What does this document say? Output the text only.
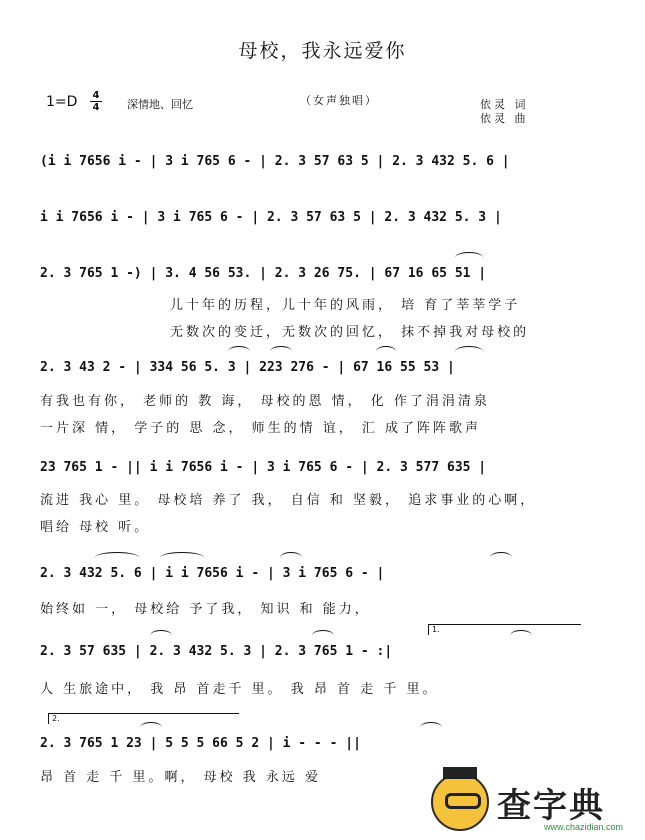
母校，我永远爱你
1=D 4
4	深情地、回忆	（女声独唱）	依灵 词
依灵 曲
(i i 7656 i - | 3 i 765 6 - | 2. 3 57 63 5 | 2. 3 432 5. 6 |
i i 7656 i - | 3 i 765 6 - | 2. 3 57 63 5 | 2. 3 432 5. 3 |
2. 3 765 1 -) | 3. 4 56 53. | 2. 3 26 75. | 67 16 65 51 |
儿十年的历程，儿十年的风雨， 培 育了莘莘学子
无数次的变迁，无数次的回忆， 抹不掉我对母校的
2. 3 43 2 - | 334 56 5. 3 | 223 276 - | 67 16 55 53 |
有我也有你， 老师的 教 诲， 母校的恩 情， 化 作了涓涓清泉
一片深 情， 学子的 思 念， 师生的情 谊， 汇 成了阵阵歌声
23 765 1 - || i i 7656 i - | 3 i 765 6 - | 2. 3 577 635 |
流进 我心 里。 母校培 养了 我， 自信 和 坚毅， 追求事业的心啊，
唱给 母校 听。
2. 3 432 5. 6 | i i 7656 i - | 3 i 765 6 - |
始终如 一， 母校给 予了我， 知识 和 能力，
1.
2. 3 57 635 | 2. 3 432 5. 3 | 2. 3 765 1 - :|
人 生旅途中， 我 昂 首走千 里。 我 昂 首 走 千 里。
2.
2. 3 765 1 23 | 5 5 5 66 5 2 | i - - - ||
昂 首 走 千 里。啊， 母校 我 永远 爱
查字典
www.chazidian.com
